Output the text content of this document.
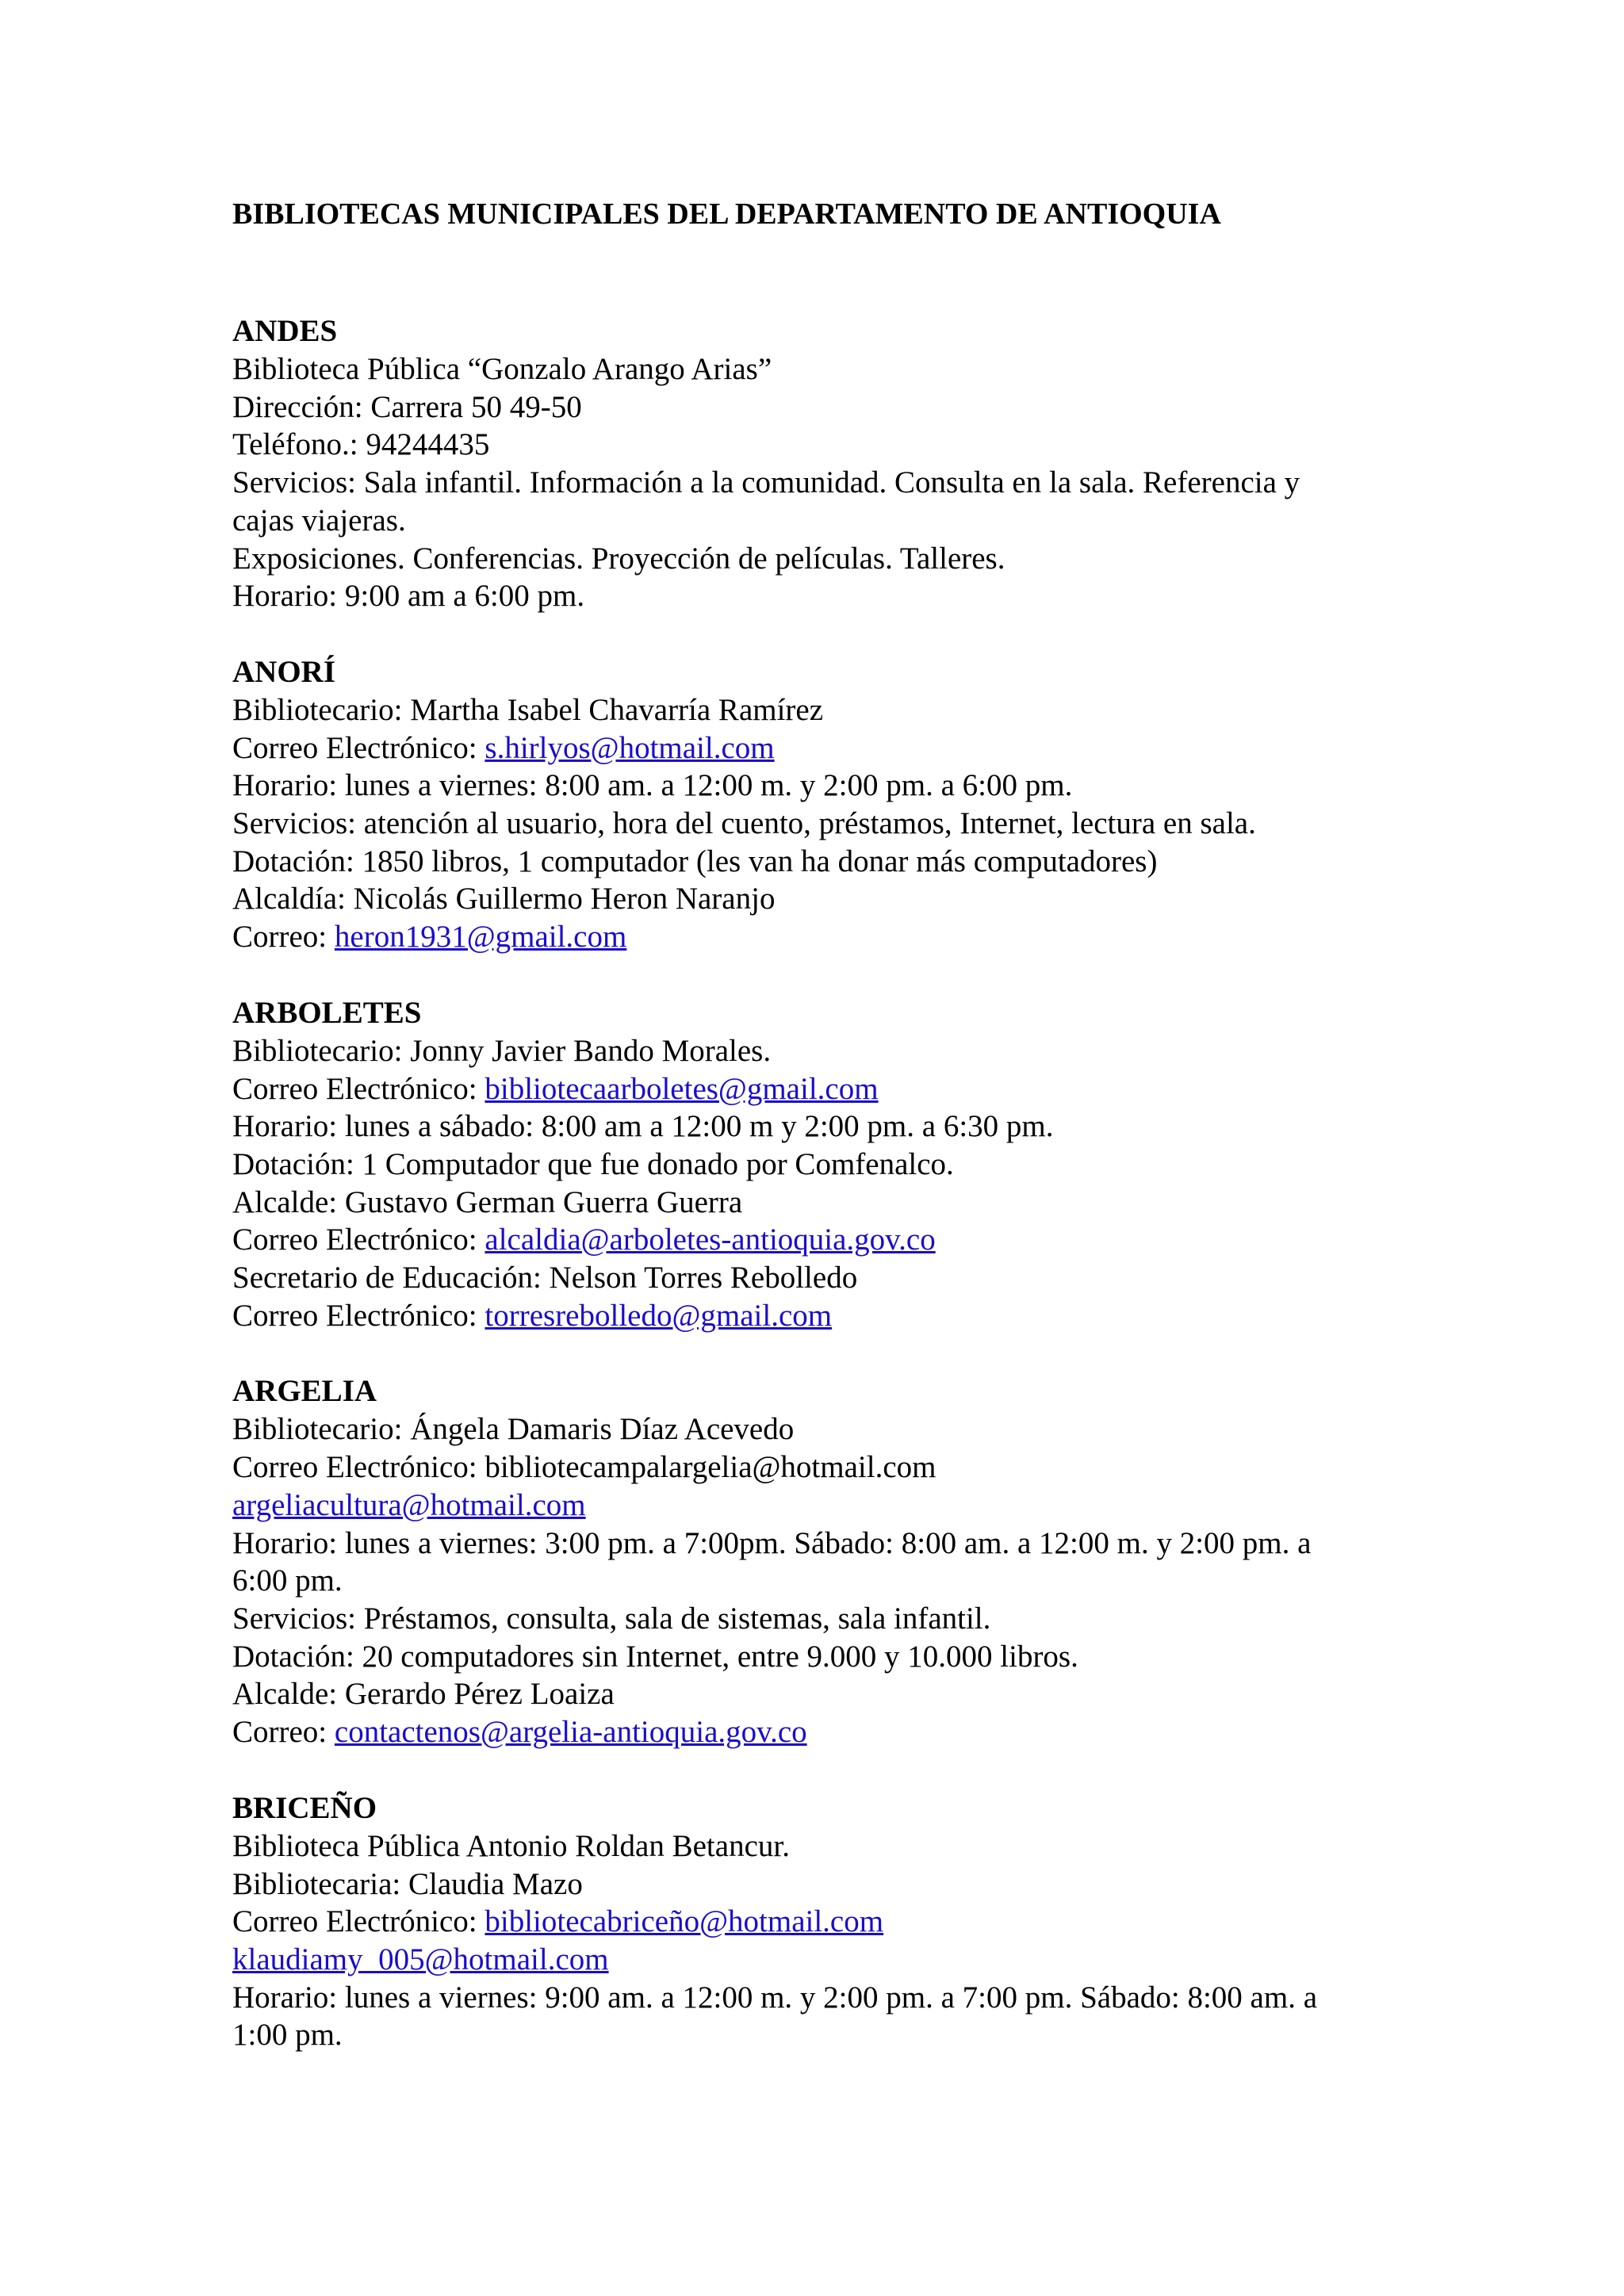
BIBLIOTECAS MUNICIPALES DEL DEPARTAMENTO DE ANTIOQUIA
ANDES
Biblioteca Pública “Gonzalo Arango Arias”
Dirección: Carrera 50 49-50
Teléfono.: 94244435
Servicios: Sala infantil. Información a la comunidad. Consulta en la sala. Referencia y
cajas viajeras.
Exposiciones. Conferencias. Proyección de películas. Talleres.
Horario: 9:00 am a 6:00 pm.
ANORÍ
Bibliotecario: Martha Isabel Chavarría Ramírez
Correo Electrónico: s.hirlyos@hotmail.com
Horario: lunes a viernes: 8:00 am. a 12:00 m. y 2:00 pm. a 6:00 pm.
Servicios: atención al usuario, hora del cuento, préstamos, Internet, lectura en sala.
Dotación: 1850 libros, 1 computador (les van ha donar más computadores)
Alcaldía: Nicolás Guillermo Heron Naranjo
Correo: heron1931@gmail.com
ARBOLETES
Bibliotecario: Jonny Javier Bando Morales.
Correo Electrónico: bibliotecaarboletes@gmail.com
Horario: lunes a sábado: 8:00 am a 12:00 m y 2:00 pm. a 6:30 pm.
Dotación: 1 Computador que fue donado por Comfenalco.
Alcalde: Gustavo German Guerra Guerra
Correo Electrónico: alcaldia@arboletes-antioquia.gov.co
Secretario de Educación: Nelson Torres Rebolledo
Correo Electrónico: torresrebolledo@gmail.com
ARGELIA
Bibliotecario: Ángela Damaris Díaz Acevedo
Correo Electrónico: bibliotecampalargelia@hotmail.com
argeliacultura@hotmail.com
Horario: lunes a viernes: 3:00 pm. a 7:00pm. Sábado: 8:00 am. a 12:00 m. y 2:00 pm. a
6:00 pm.
Servicios: Préstamos, consulta, sala de sistemas, sala infantil.
Dotación: 20 computadores sin Internet, entre 9.000 y 10.000 libros.
Alcalde: Gerardo Pérez Loaiza
Correo: contactenos@argelia-antioquia.gov.co
BRICEÑO
Biblioteca Pública Antonio Roldan Betancur.
Bibliotecaria: Claudia Mazo
Correo Electrónico: bibliotecabriceño@hotmail.com
klaudiamy_005@hotmail.com
Horario: lunes a viernes: 9:00 am. a 12:00 m. y 2:00 pm. a 7:00 pm. Sábado: 8:00 am. a
1:00 pm.
